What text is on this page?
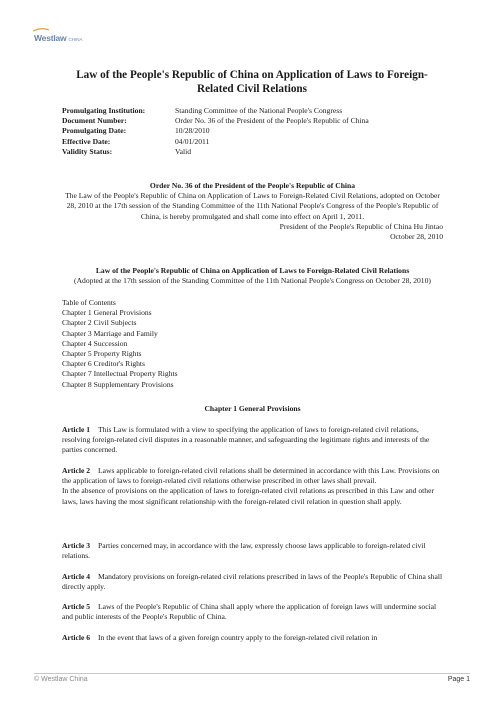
Westlaw CHINA
Law of the People's Republic of China on Application of Laws to Foreign-Related Civil Relations
Promulgating Institution:	Standing Committee of the National People's Congress
Document Number:	Order No. 36 of the President of the People's Republic of China
Promulgating Date:	10/28/2010
Effective Date:	04/01/2011
Validity Status:	Valid
Order No. 36 of the President of the People's Republic of China
The Law of the People's Republic of China on Application of Laws to Foreign-Related Civil Relations, adopted on October 28, 2010 at the 17th session of the Standing Committee of the 11th National People's Congress of the People's Republic of China, is hereby promulgated and shall come into effect on April 1, 2011.
President of the People's Republic of China Hu Jintao
October 28, 2010
Law of the People's Republic of China on Application of Laws to Foreign-Related Civil Relations
(Adopted at the 17th session of the Standing Committee of the 11th National People's Congress on October 28, 2010)
Table of Contents
Chapter 1 General Provisions
Chapter 2 Civil Subjects
Chapter 3 Marriage and Family
Chapter 4 Succession
Chapter 5 Property Rights
Chapter 6 Creditor's Rights
Chapter 7 Intellectual Property Rights
Chapter 8 Supplementary Provisions
Chapter 1 General Provisions

Article 1 This Law is formulated with a view to specifying the application of laws to foreign-related civil relations, resolving foreign-related civil disputes in a reasonable manner, and safeguarding the legitimate rights and interests of the parties concerned.

Article 2 Laws applicable to foreign-related civil relations shall be determined in accordance with this Law. Provisions on the application of laws to foreign-related civil relations otherwise prescribed in other laws shall prevail.

In the absence of provisions on the application of laws to foreign-related civil relations as prescribed in this Law and other laws, laws having the most significant relationship with the foreign-related civil relation in question shall apply.

Article 3 Parties concerned may, in accordance with the law, expressly choose laws applicable to foreign-related civil relations.

Article 4 Mandatory provisions on foreign-related civil relations prescribed in laws of the People's Republic of China shall directly apply.

Article 5 Laws of the People's Republic of China shall apply where the application of foreign laws will undermine social and public interests of the People's Republic of China.

Article 6 In the event that laws of a given foreign country apply to the foreign-related civil relation in

© Westlaw China	Page 1
